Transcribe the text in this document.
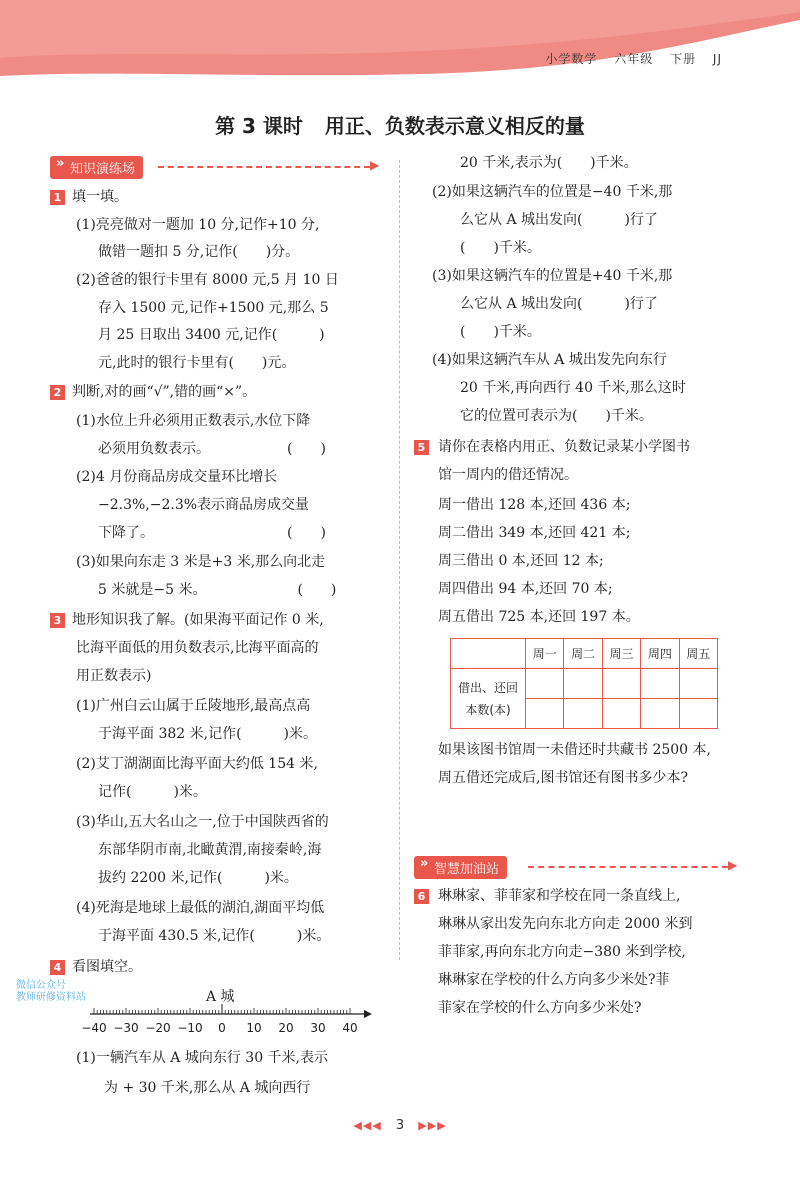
小学数学 六年级 下册 JJ
第 3 课时 用正、负数表示意义相反的量
» 知识演练场	▶
1 填一填。
(1)亮亮做对一题加 10 分,记作+10 分,
做错一题扣 5 分,记作(　　)分。
(2)爸爸的银行卡里有 8000 元,5 月 10 日
存入 1500 元,记作+1500 元,那么 5
月 25 日取出 3400 元,记作(　　　)
元,此时的银行卡里有(　　)元。
2 判断,对的画“√”,错的画“×”。
(1)水位上升必须用正数表示,水位下降
必须用负数表示。　　　　　　(　　)
(2)4 月份商品房成交量环比增长
−2.3%,−2.3%表示商品房成交量
下降了。　　　　　　　　　　(　　)
(3)如果向东走 3 米是+3 米,那么向北走
5 米就是−5 米。　　　　　　　(　　)
3 地形知识我了解。(如果海平面记作 0 米,
比海平面低的用负数表示,比海平面高的
用正数表示)
(1)广州白云山属于丘陵地形,最高点高
于海平面 382 米,记作(　　　)米。
(2)艾丁湖湖面比海平面大约低 154 米,
记作(　　　)米。
(3)华山,五大名山之一,位于中国陕西省的
东部华阴市南,北瞰黄渭,南接秦岭,海
拔约 2200 米,记作(　　　)米。
(4)死海是地球上最低的湖泊,湖面平均低
于海平面 430.5 米,记作(　　　)米。
4 看图填空。
微信公众号
教师研修资料站	A 城
−40 −30 −20 −10 0 10 20 30 40
(1)一辆汽车从 A 城向东行 30 千米,表示
为 + 30 千米,那么从 A 城向西行
20 千米,表示为(　　)千米。
(2)如果这辆汽车的位置是−40 千米,那
么它从 A 城出发向(　　　)行了
(　　)千米。
(3)如果这辆汽车的位置是+40 千米,那
么它从 A 城出发向(　　　)行了
(　　)千米。
(4)如果这辆汽车从 A 城出发先向东行
20 千米,再向西行 40 千米,那么这时
它的位置可表示为(　　)千米。
5 请你在表格内用正、负数记录某小学图书
馆一周内的借还情况。
周一借出 128 本,还回 436 本;
周二借出 349 本,还回 421 本;
周三借出 0 本,还回 12 本;
周四借出 94 本,还回 70 本;
周五借出 725 本,还回 197 本。
	周一	周二	周三	周四	周五

借出、还回
本数(本)					

如果该图书馆周一未借还时共藏书 2500 本,
周五借还完成后,图书馆还有图书多少本?
» 智慧加油站	▶
6 琳琳家、菲菲家和学校在同一条直线上,
琳琳从家出发先向东北方向走 2000 米到
菲菲家,再向东北方向走−380 米到学校,
琳琳家在学校的什么方向多少米处?菲
菲家在学校的什么方向多少米处?
◀◀◀ 3 ▶▶▶
